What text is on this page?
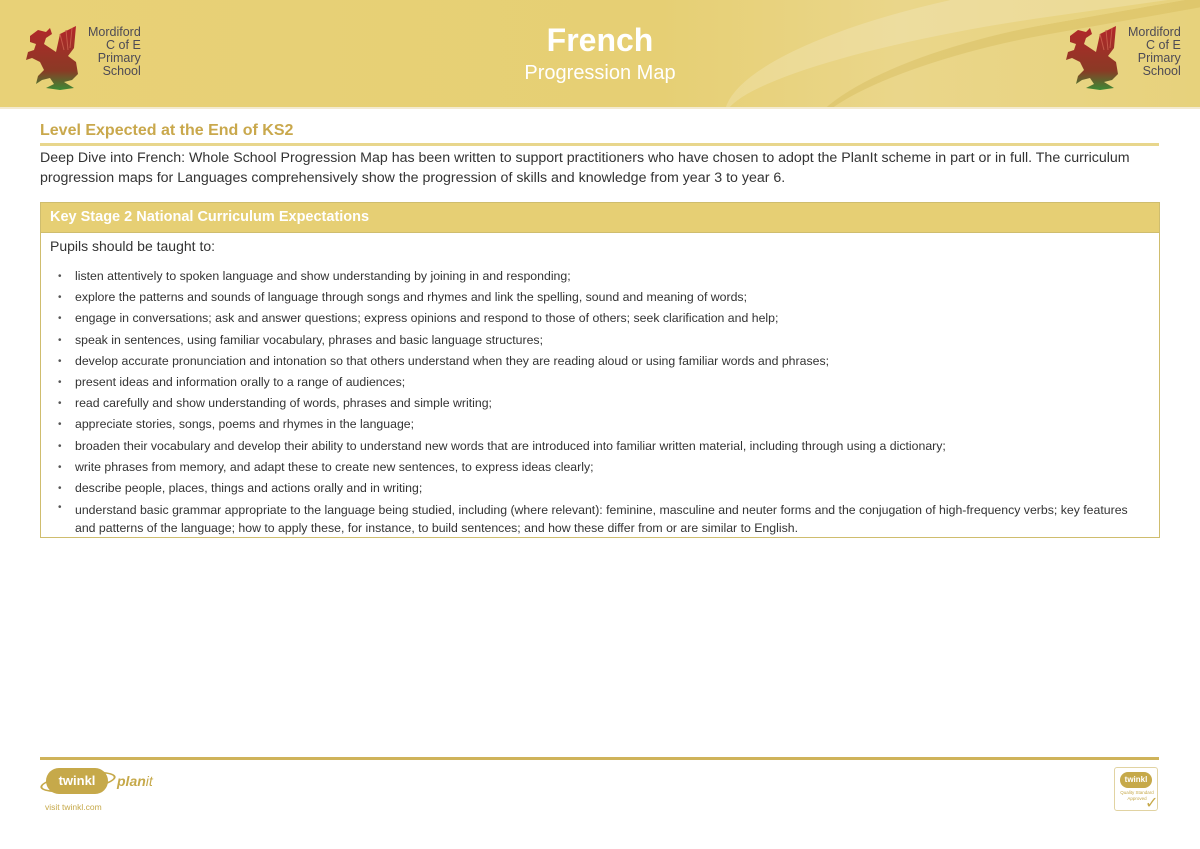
Mordiford
C of E
Primary
School
French
Progression Map
Mordiford
C of E
Primary
School
Level Expected at the End of KS2

Deep Dive into French: Whole School Progression Map has been written to support practitioners who have chosen to adopt the PlanIt scheme in part or in full. The curriculum progression maps for Languages comprehensively show the progression of skills and knowledge from year 3 to year 6.

Key Stage 2 National Curriculum Expectations
Pupils should be taught to:
• listen attentively to spoken language and show understanding by joining in and responding;
• explore the patterns and sounds of language through songs and rhymes and link the spelling, sound and meaning of words;
• engage in conversations; ask and answer questions; express opinions and respond to those of others; seek clarification and help;
• speak in sentences, using familiar vocabulary, phrases and basic language structures;
• develop accurate pronunciation and intonation so that others understand when they are reading aloud or using familiar words and phrases;
• present ideas and information orally to a range of audiences;
• read carefully and show understanding of words, phrases and simple writing;
• appreciate stories, songs, poems and rhymes in the language;
• broaden their vocabulary and develop their ability to understand new words that are introduced into familiar written material, including through using a dictionary;
• write phrases from memory, and adapt these to create new sentences, to express ideas clearly;
• describe people, places, things and actions orally and in writing;
• understand basic grammar appropriate to the language being studied, including (where relevant): feminine, masculine and neuter forms and the conjugation of high-frequency verbs; key features and patterns of the language; how to apply these, for instance, to build sentences; and how these differ from or are similar to English.
twinkl	planit
visit twinkl.com
twinkl
Quality Standard Approved
✓
